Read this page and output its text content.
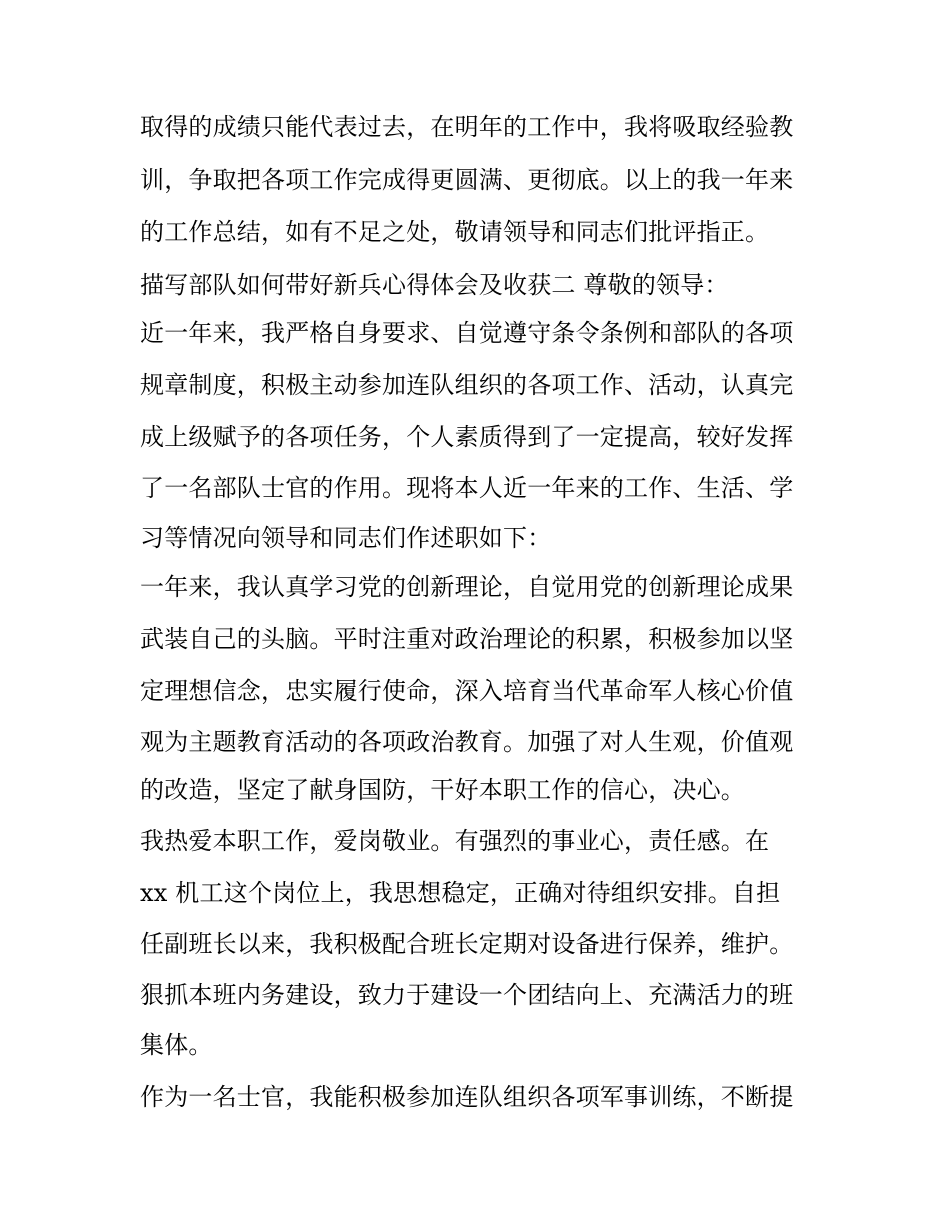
取得的成绩只能代表过去，在明年的工作中，我将吸取经验教
训，争取把各项工作完成得更圆满、更彻底。以上的我一年来
的工作总结，如有不足之处，敬请领导和同志们批评指正。
描写部队如何带好新兵心得体会及收获二 尊敬的领导：
近一年来，我严格自身要求、自觉遵守条令条例和部队的各项
规章制度，积极主动参加连队组织的各项工作、活动，认真完
成上级赋予的各项任务，个人素质得到了一定提高，较好发挥
了一名部队士官的作用。现将本人近一年来的工作、生活、学
习等情况向领导和同志们作述职如下：
一年来，我认真学习党的创新理论，自觉用党的创新理论成果
武装自己的头脑。平时注重对政治理论的积累，积极参加以坚
定理想信念，忠实履行使命，深入培育当代革命军人核心价值
观为主题教育活动的各项政治教育。加强了对人生观，价值观
的改造，坚定了献身国防，干好本职工作的信心，决心。
我热爱本职工作，爱岗敬业。有强烈的事业心，责任感。在
xx 机工这个岗位上，我思想稳定，正确对待组织安排。自担
任副班长以来，我积极配合班长定期对设备进行保养，维护。
狠抓本班内务建设，致力于建设一个团结向上、充满活力的班
集体。
作为一名士官，我能积极参加连队组织各项军事训练，不断提
